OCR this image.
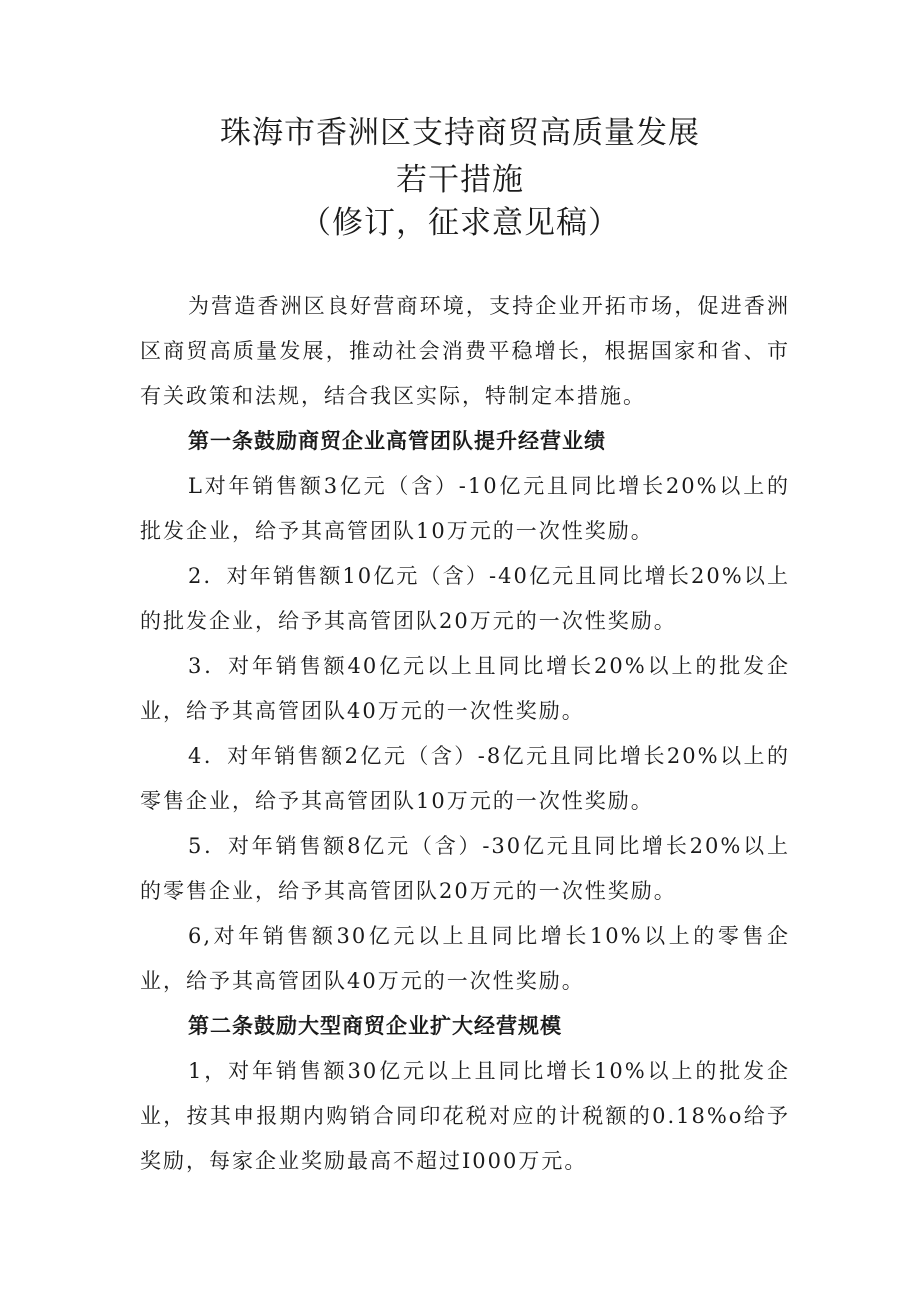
珠海市香洲区支持商贸高质量发展
若干措施
（修订，征求意见稿）

为营造香洲区良好营商环境，支持企业开拓市场，促进香洲区商贸高质量发展，推动社会消费平稳增长，根据国家和省、市有关政策和法规，结合我区实际，特制定本措施。

第一条鼓励商贸企业高管团队提升经营业绩

L对年销售额3亿元（含）-10亿元且同比增长20%以上的批发企业，给予其高管团队10万元的一次性奖励。

2．对年销售额10亿元（含）-40亿元且同比增长20%以上的批发企业，给予其高管团队20万元的一次性奖励。

3．对年销售额40亿元以上且同比增长20%以上的批发企业，给予其高管团队40万元的一次性奖励。

4．对年销售额2亿元（含）-8亿元且同比增长20%以上的零售企业，给予其高管团队10万元的一次性奖励。

5．对年销售额8亿元（含）-30亿元且同比增长20%以上的零售企业，给予其高管团队20万元的一次性奖励。

6,对年销售额30亿元以上且同比增长10%以上的零售企业，给予其高管团队40万元的一次性奖励。

第二条鼓励大型商贸企业扩大经营规模

1，对年销售额30亿元以上且同比增长10%以上的批发企业，按其申报期内购销合同印花税对应的计税额的0.18%o给予奖励，每家企业奖励最高不超过I000万元。
